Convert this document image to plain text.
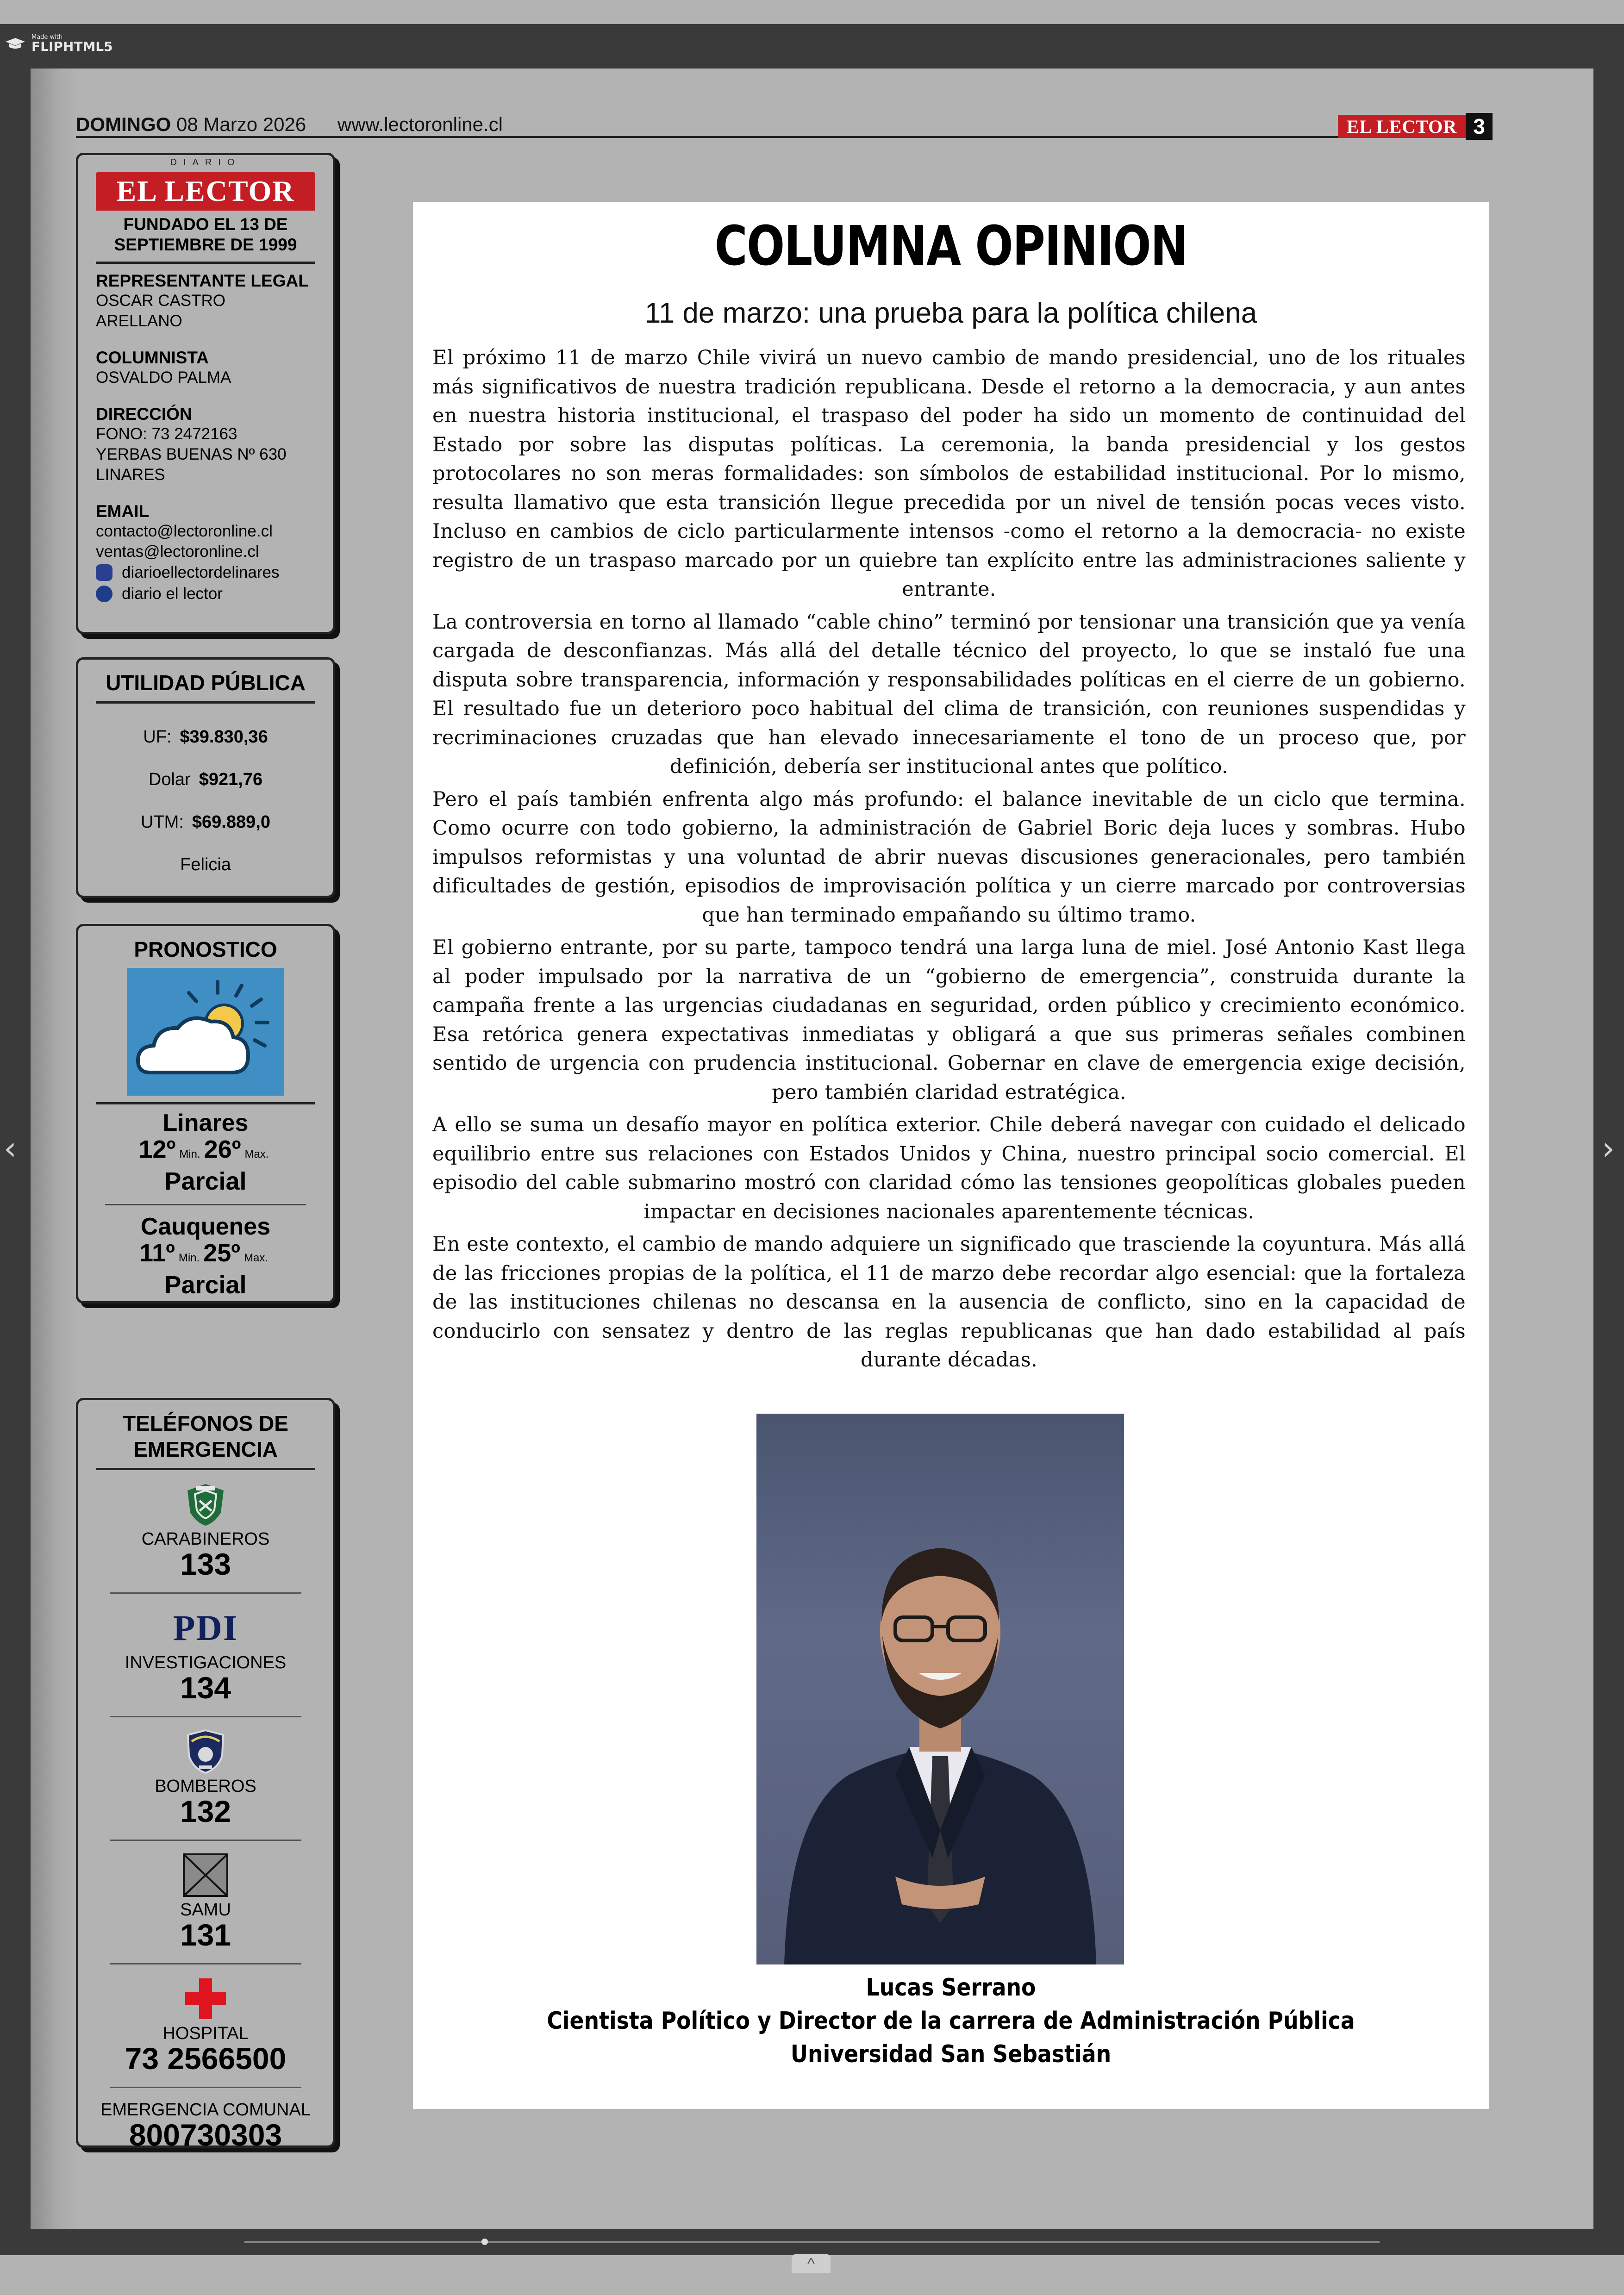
Made with
FLIPHTML5
DOMINGO 08 Marzo 2026 www.lectoronline.cl	EL LECTOR 3
DIARIO
EL LECTOR
FUNDADO EL 13 DE SEPTIEMBRE DE 1999
REPRESENTANTE LEGAL
OSCAR CASTRO ARELLANO
COLUMNISTA
OSVALDO PALMA
DIRECCIÓN
FONO: 73 2472163
YERBAS BUENAS Nº 630
LINARES
EMAIL
contacto@lectoronline.cl
ventas@lectoronline.cl
diarioellectordelinares
diario el lector
UTILIDAD PÚBLICA
UF: $39.830,36
Dolar $921,76
UTM: $69.889,0
Felicia
PRONOSTICO
Linares
12º Min. 26º Max.
Parcial
Cauquenes
11º Min. 25º Max.
Parcial
TELÉFONOS DE EMERGENCIA
CARABINEROS
133
PDI
INVESTIGACIONES
134
BOMBEROS
132
SAMU
131
HOSPITAL
73 2566500
EMERGENCIA COMUNAL
800730303
COLUMNA OPINION
11 de marzo: una prueba para la política chilena

El próximo 11 de marzo Chile vivirá un nuevo cambio de mando presidencial, uno de los rituales más significativos de nuestra tradición republicana. Desde el retorno a la democracia, y aun antes en nuestra historia institucional, el traspaso del poder ha sido un momento de continuidad del Estado por sobre las disputas políticas. La ceremonia, la banda presidencial y los gestos protocolares no son meras formalidades: son símbolos de estabilidad institucional. Por lo mismo, resulta llamativo que esta transición llegue precedida por un nivel de tensión pocas veces visto. Incluso en cambios de ciclo particularmente intensos -como el retorno a la democracia- no existe registro de un traspaso marcado por un quiebre tan explícito entre las administraciones saliente y entrante.

La controversia en torno al llamado “cable chino” terminó por tensionar una transición que ya venía cargada de desconfianzas. Más allá del detalle técnico del proyecto, lo que se instaló fue una disputa sobre transparencia, información y responsabilidades políticas en el cierre de un gobierno. El resultado fue un deterioro poco habitual del clima de transición, con reuniones suspendidas y recriminaciones cruzadas que han elevado innecesariamente el tono de un proceso que, por definición, debería ser institucional antes que político.

Pero el país también enfrenta algo más profundo: el balance inevitable de un ciclo que termina. Como ocurre con todo gobierno, la administración de Gabriel Boric deja luces y sombras. Hubo impulsos reformistas y una voluntad de abrir nuevas discusiones generacionales, pero también dificultades de gestión, episodios de improvisación política y un cierre marcado por controversias que han terminado empañando su último tramo.

El gobierno entrante, por su parte, tampoco tendrá una larga luna de miel. José Antonio Kast llega al poder impulsado por la narrativa de un “gobierno de emergencia”, construida durante la campaña frente a las urgencias ciudadanas en seguridad, orden público y crecimiento económico. Esa retórica genera expectativas inmediatas y obligará a que sus primeras señales combinen sentido de urgencia con prudencia institucional. Gobernar en clave de emergencia exige decisión, pero también claridad estratégica.

A ello se suma un desafío mayor en política exterior. Chile deberá navegar con cuidado el delicado equilibrio entre sus relaciones con Estados Unidos y China, nuestro principal socio comercial. El episodio del cable submarino mostró con claridad cómo las tensiones geopolíticas globales pueden impactar en decisiones nacionales aparentemente técnicas.

En este contexto, el cambio de mando adquiere un significado que trasciende la coyuntura. Más allá de las fricciones propias de la política, el 11 de marzo debe recordar algo esencial: que la fortaleza de las instituciones chilenas no descansa en la ausencia de conflicto, sino en la capacidad de conducirlo con sensatez y dentro de las reglas republicanas que han dado estabilidad al país durante décadas.

Lucas Serrano
Cientista Político y Director de la carrera de Administración Pública
Universidad San Sebastián
‹	›
^
